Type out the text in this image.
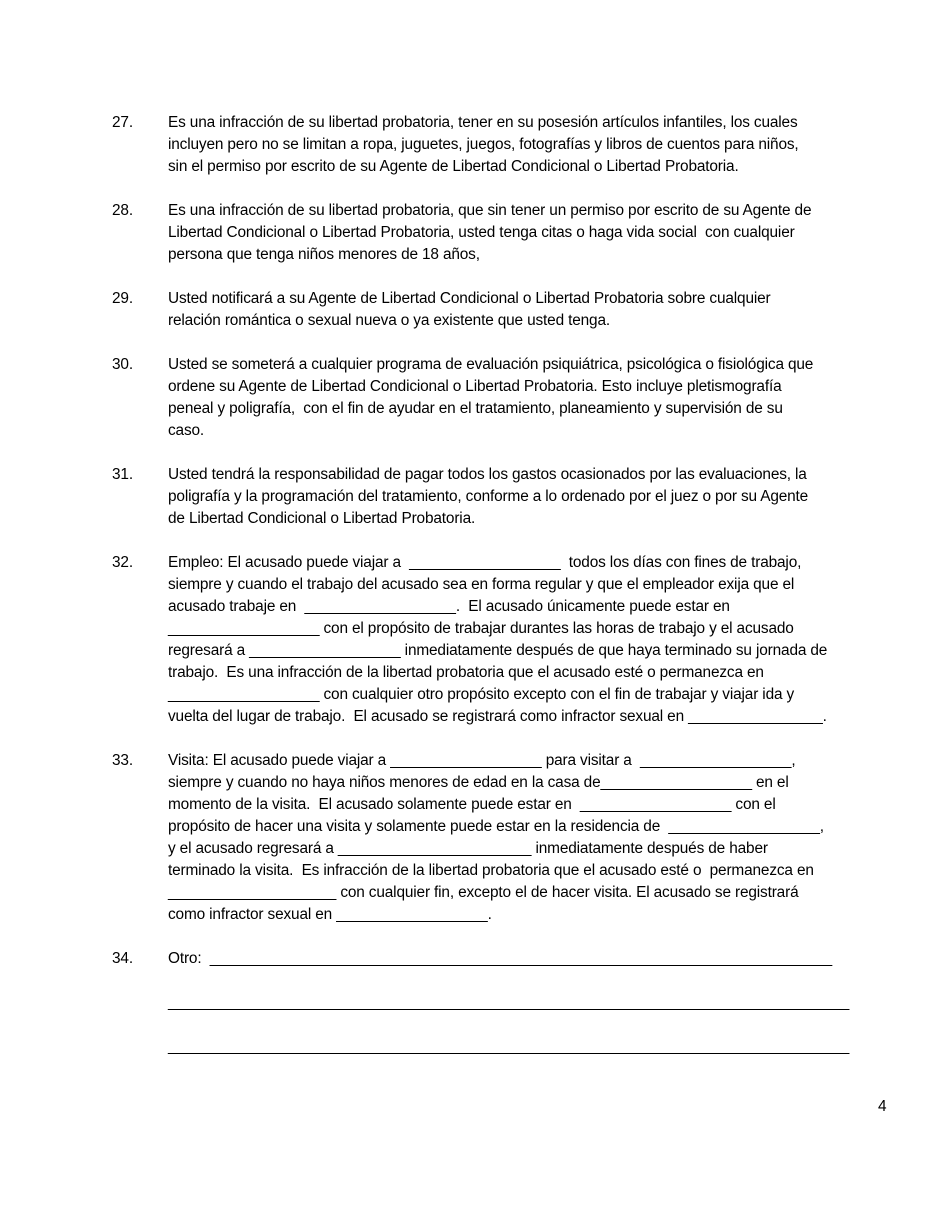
27.	Es una infracción de su libertad probatoria, tener en su posesión artículos infantiles, los cuales
incluyen pero no se limitan a ropa, juguetes, juegos, fotografías y libros de cuentos para niños,
sin el permiso por escrito de su Agente de Libertad Condicional o Libertad Probatoria.
28.	Es una infracción de su libertad probatoria, que sin tener un permiso por escrito de su Agente de
Libertad Condicional o Libertad Probatoria, usted tenga citas o haga vida social  con cualquier
persona que tenga niños menores de 18 años,
29.	Usted notificará a su Agente de Libertad Condicional o Libertad Probatoria sobre cualquier
relación romántica o sexual nueva o ya existente que usted tenga.
30.	Usted se someterá a cualquier programa de evaluación psiquiátrica, psicológica o fisiológica que
ordene su Agente de Libertad Condicional o Libertad Probatoria. Esto incluye pletismografía
peneal y poligrafía,  con el fin de ayudar en el tratamiento, planeamiento y supervisión de su
caso.
31.	Usted tendrá la responsabilidad de pagar todos los gastos ocasionados por las evaluaciones, la
poligrafía y la programación del tratamiento, conforme a lo ordenado por el juez o por su Agente
de Libertad Condicional o Libertad Probatoria.
32.	Empleo: El acusado puede viajar a  __________________  todos los días con fines de trabajo,
siempre y cuando el trabajo del acusado sea en forma regular y que el empleador exija que el
acusado trabaje en  __________________.  El acusado únicamente puede estar en
__________________ con el propósito de trabajar durantes las horas de trabajo y el acusado
regresará a __________________ inmediatamente después de que haya terminado su jornada de
trabajo.  Es una infracción de la libertad probatoria que el acusado esté o permanezca en
__________________ con cualquier otro propósito excepto con el fin de trabajar y viajar ida y
vuelta del lugar de trabajo.  El acusado se registrará como infractor sexual en ________________.
33.	Visita: El acusado puede viajar a __________________ para visitar a  __________________,
siempre y cuando no haya niños menores de edad en la casa de__________________ en el
momento de la visita.  El acusado solamente puede estar en  __________________ con el
propósito de hacer una visita y solamente puede estar en la residencia de  __________________,
y el acusado regresará a _______________________ inmediatamente después de haber
terminado la visita.  Es infracción de la libertad probatoria que el acusado esté o  permanezca en
____________________ con cualquier fin, excepto el de hacer visita. El acusado se registrará
como infractor sexual en __________________.
34.	Otro:  __________________________________________________________________________
_________________________________________________________________________________
_________________________________________________________________________________
4
